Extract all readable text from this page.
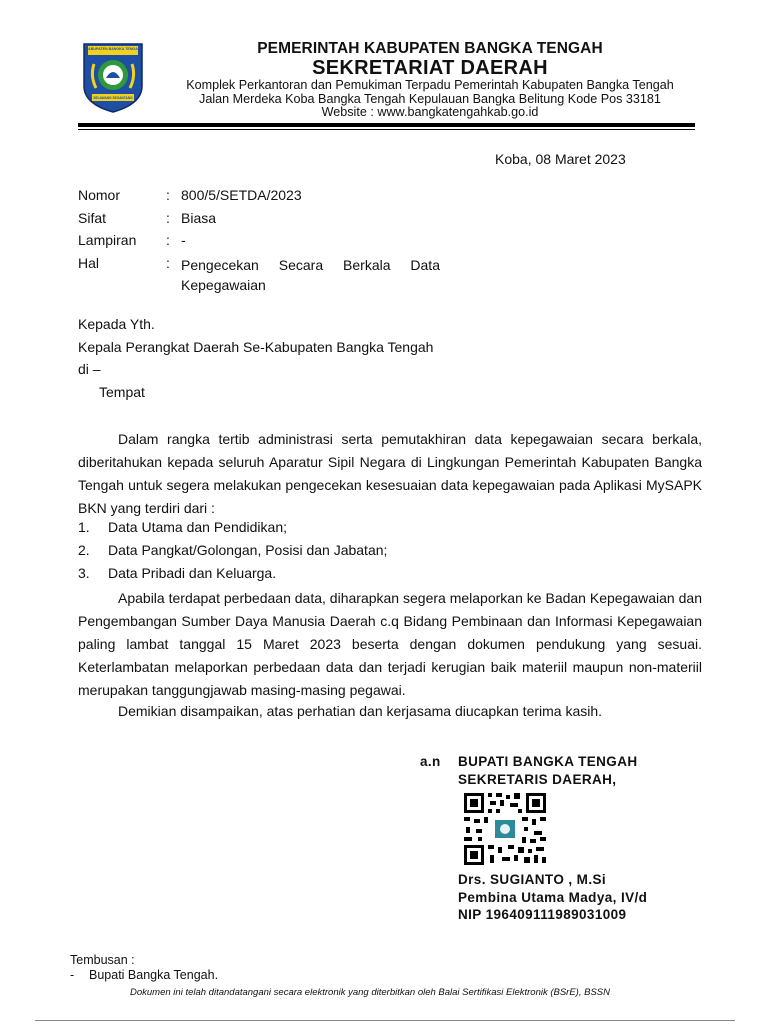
KABUPATEN BANGKA TENGAH
SELAWANG SEGANTANG
PEMERINTAH KABUPATEN BANGKA TENGAH
SEKRETARIAT DAERAH
Komplek Perkantoran dan Pemukiman Terpadu Pemerintah Kabupaten Bangka Tengah
Jalan Merdeka Koba Bangka Tengah Kepulauan Bangka Belitung Kode Pos 33181
Website : www.bangkatengahkab.go.id
Koba, 08 Maret 2023
Nomor	: 800/5/SETDA/2023
Sifat	: Biasa
Lampiran : -
Hal	: Pengecekan Secara Berkala Data
Kepegawaian
Kepada Yth.
Kepala Perangkat Daerah Se-Kabupaten Bangka Tengah
di –
Tempat

Dalam rangka tertib administrasi serta pemutakhiran data kepegawaian secara berkala, diberitahukan kepada seluruh Aparatur Sipil Negara di Lingkungan Pemerintah Kabupaten Bangka Tengah untuk segera melakukan pengecekan kesesuaian data kepegawaian pada Aplikasi MySAPK BKN yang terdiri dari :

1. Data Utama dan Pendidikan;
2. Data Pangkat/Golongan, Posisi dan Jabatan;
3. Data Pribadi dan Keluarga.

Apabila terdapat perbedaan data, diharapkan segera melaporkan ke Badan Kepegawaian dan Pengembangan Sumber Daya Manusia Daerah c.q Bidang Pembinaan dan Informasi Kepegawaian paling lambat tanggal 15 Maret 2023 beserta dengan dokumen pendukung yang sesuai. Keterlambatan melaporkan perbedaan data dan terjadi kerugian baik materiil maupun non-materiil merupakan tanggungjawab masing-masing pegawai.

Demikian disampaikan, atas perhatian dan kerjasama diucapkan terima kasih.

a.n BUPATI BANGKA TENGAH
SEKRETARIS DAERAH,
Drs. SUGIANTO , M.Si
Pembina Utama Madya, IV/d
NIP 196409111989031009
Tembusan :
- Bupati Bangka Tengah.
Dokumen ini telah ditandatangani secara elektronik yang diterbitkan oleh Balai Sertifikasi Elektronik (BSrE), BSSN
